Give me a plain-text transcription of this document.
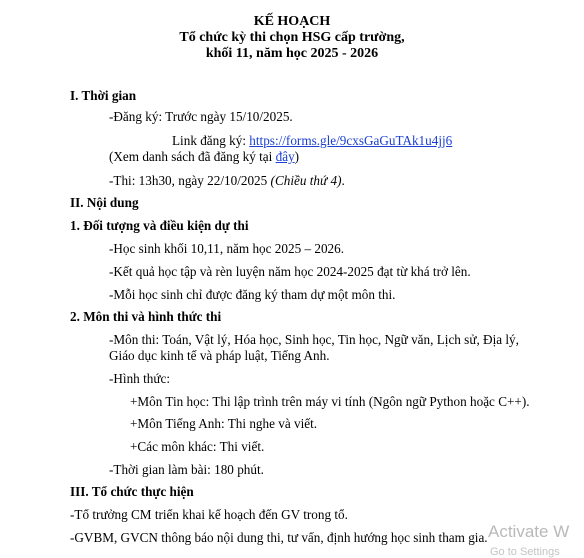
KẾ HOẠCH
Tổ chức kỳ thi chọn HSG cấp trường,
khối 11, năm học 2025 - 2026
I. Thời gian
-Đăng ký: Trước ngày 15/10/2025.
Link đăng ký: https://forms.gle/9cxsGaGuTAk1u4jj6
(Xem danh sách đã đăng ký tại đây)
-Thi: 13h30, ngày 22/10/2025 (Chiều thứ 4).
II. Nội dung
1. Đối tượng và điều kiện dự thi
-Học sinh khối 10,11, năm học 2025 – 2026.
-Kết quả học tập và rèn luyện năm học 2024-2025 đạt từ khá trở lên.
-Mỗi học sinh chỉ được đăng ký tham dự một môn thi.
2. Môn thi và hình thức thi
-Môn thi: Toán, Vật lý, Hóa học, Sinh học, Tin học, Ngữ văn, Lịch sử, Địa lý,
Giáo dục kinh tế và pháp luật, Tiếng Anh.
-Hình thức:
+Môn Tin học: Thi lập trình trên máy vi tính (Ngôn ngữ Python hoặc C++).
+Môn Tiếng Anh: Thi nghe và viết.
+Các môn khác: Thi viết.
-Thời gian làm bài: 180 phút.
III. Tổ chức thực hiện
-Tổ trưởng CM triển khai kế hoạch đến GV trong tổ.
-GVBM, GVCN thông báo nội dung thi, tư vấn, định hướng học sinh tham gia. Activate W
Go to Settings
